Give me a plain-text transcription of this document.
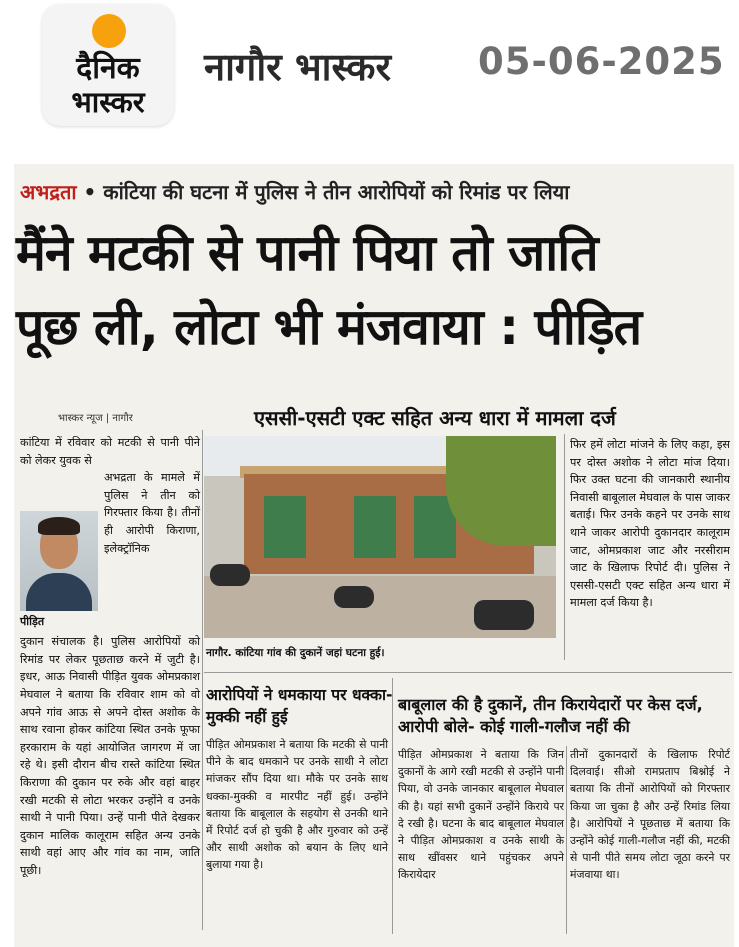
दैनिक
भास्कर
नागौर भास्कर 05-06-2025
अभद्रता • कांटिया की घटना में पुलिस ने तीन आरोपियों को रिमांड पर लिया
मैंने मटकी से पानी पिया तो जाति
पूछ ली, लोटा भी मंजवाया : पीड़ित
भास्कर न्यूज | नागौर	एससी-एसटी एक्ट सहित अन्य धारा में मामला दर्ज
कांटिया में रविवार को मटकी से पानी पीने को लेकर युवक से
पीड़ित
अभद्रता के मामले में पुलिस ने तीन को गिरफ्तार किया है। तीनों ही आरोपी किराणा, इलेक्ट्रॉनिक
दुकान संचालक है। पुलिस आरोपियों को रिमांड पर लेकर पूछताछ करने में जुटी है। इधर, आऊ निवासी पीड़ित युवक ओमप्रकाश मेघवाल ने बताया कि रविवार शाम को वो अपने गांव आऊ से अपने दोस्त अशोक के साथ रवाना होकर कांटिया स्थित उनके फूफा हरकाराम के यहां आयोजित जागरण में जा रहे थे। इसी दौरान बीच रास्ते कांटिया स्थित किराणा की दुकान पर रुके और वहां बाहर रखी मटकी से लोटा भरकर उन्होंने व उनके साथी ने पानी पिया। उन्हें पानी पीते देखकर दुकान मालिक कालूराम सहित अन्य उनके साथी वहां आए और गांव का नाम, जाति पूछी।
नागौर. कांटिया गांव की दुकानें जहां घटना हुई।
फिर हमें लोटा मांजने के लिए कहा, इस पर दोस्त अशोक ने लोटा मांज दिया। फिर उक्त घटना की जानकारी स्थानीय निवासी बाबूलाल मेघवाल के पास जाकर बताई। फिर उनके कहने पर उनके साथ थाने जाकर आरोपी दुकानदार कालूराम जाट, ओमप्रकाश जाट और नरसीराम जाट के खिलाफ रिपोर्ट दी। पुलिस ने एससी-एसटी एक्ट सहित अन्य धारा में मामला दर्ज किया है।
आरोपियों ने धमकाया पर धक्का-मुक्की नहीं हुई
पीड़ित ओमप्रकाश ने बताया कि मटकी से पानी पीने के बाद धमकाने पर उनके साथी ने लोटा मांजकर सौंप दिया था। मौके पर उनके साथ धक्का-मुक्की व मारपीट नहीं हुई। उन्होंने बताया कि बाबूलाल के सहयोग से उनकी थाने में रिपोर्ट दर्ज हो चुकी है और गुरुवार को उन्हें और साथी अशोक को बयान के लिए थाने बुलाया गया है।
बाबूलाल की है दुकानें, तीन किरायेदारों पर केस दर्ज, आरोपी बोले- कोई गाली-गलौज नहीं की
पीड़ित ओमप्रकाश ने बताया कि जिन दुकानों के आगे रखी मटकी से उन्होंने पानी पिया, वो उनके जानकार बाबूलाल मेघवाल की है। यहां सभी दुकानें उन्होंने किराये पर दे रखी है। घटना के बाद बाबूलाल मेघवाल ने पीड़ित ओमप्रकाश व उनके साथी के साथ खींवसर थाने पहुंचकर अपने किरायेदार
तीनों दुकानदारों के खिलाफ रिपोर्ट दिलवाई। सीओ रामप्रताप बिश्नोई ने बताया कि तीनों आरोपियों को गिरफ्तार किया जा चुका है और उन्हें रिमांड लिया है। आरोपियों ने पूछताछ में बताया कि उन्होंने कोई गाली-गलौज नहीं की, मटकी से पानी पीते समय लोटा जूठा करने पर मंजवाया था।
